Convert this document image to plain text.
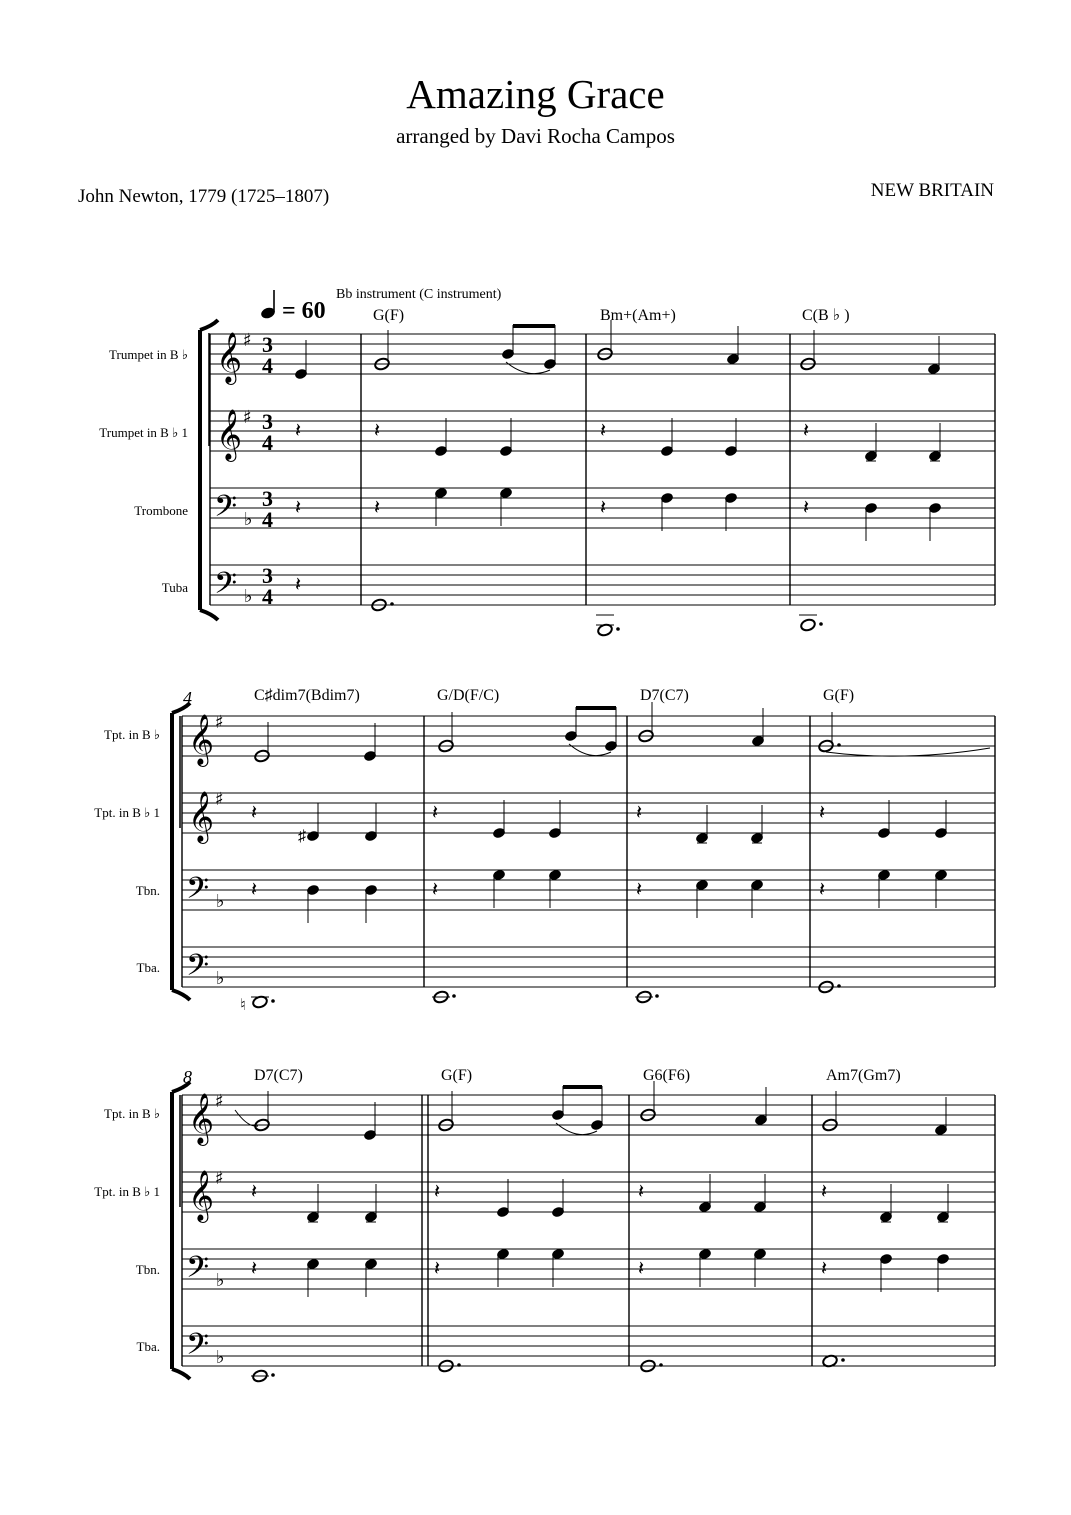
Amazing Grace
arranged by Davi Rocha Campos
John Newton, 1779 (1725–1807)	NEW BRITAIN
= 60
Bb instrument (C instrument)
G(F)	Bm+(Am+)	C(B ♭ )
Trumpet in B ♭
Trumpet in B ♭ 1
Trombone
Tuba
𝄞 ♯
𝄞 ♯
𝄢 ♭
𝄢 ♭
3
4
3
4
3
4
3
4
𝄽	𝄽	𝄽	𝄽
𝄽	𝄽	𝄽	𝄽
𝄽
4	C♯dim7(Bdim7)	G/D(F/C)	D7(C7)	G(F)
Tpt. in B ♭
Tpt. in B ♭ 1
Tbn.
Tba.
𝄞 ♯
𝄞 ♯
𝄢 ♭
𝄢 ♭
𝄽	𝄽	𝄽	𝄽
♯
𝄽	𝄽	𝄽	𝄽
♮
8	D7(C7)	G(F)	G6(F6)	Am7(Gm7)
Tpt. in B ♭
Tpt. in B ♭ 1
Tbn.
Tba.
𝄞 ♯
𝄞 ♯
𝄢 ♭
𝄢 ♭
𝄽	𝄽	𝄽	𝄽
𝄽	𝄽	𝄽	𝄽
